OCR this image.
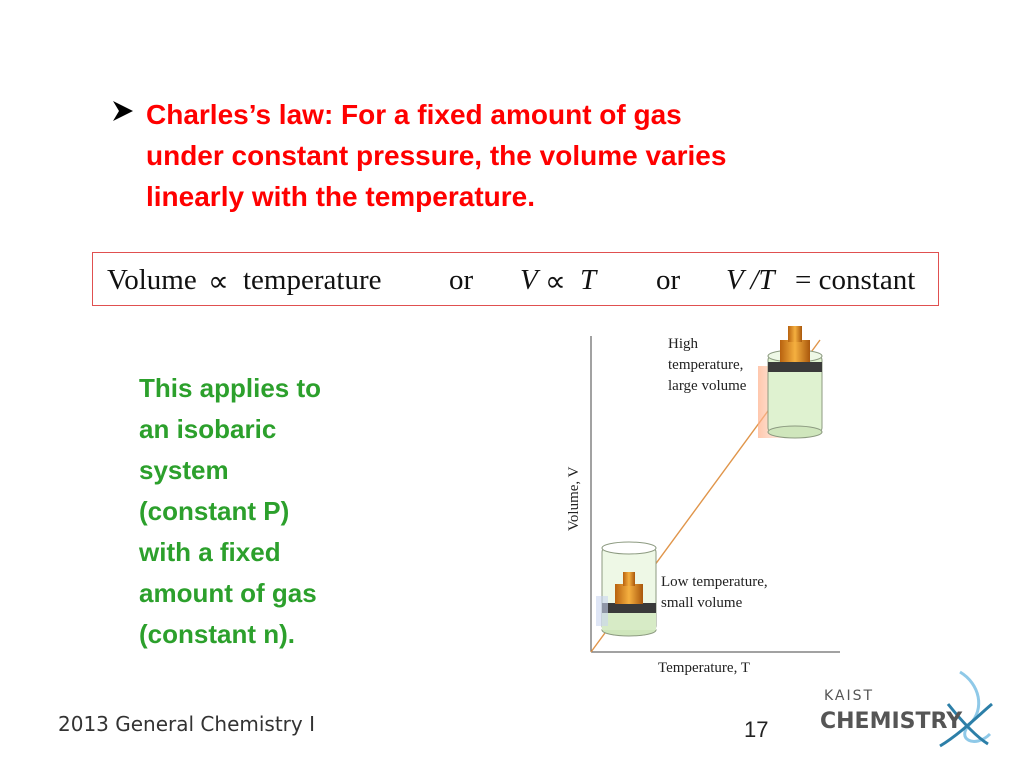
Charles’s law: For a fixed amount of gas
under constant pressure, the volume varies
linearly with the temperature.
Volume ∝ temperature or V ∝ T or V /T = constant
This applies to
an isobaric
system
(constant P)
with a fixed
amount of gas
(constant n).
High
temperature,
large volume
Low temperature,
small volume
Volume, V
Temperature, T
2013 General Chemistry I	17
KAIST
CHEMISTRY
